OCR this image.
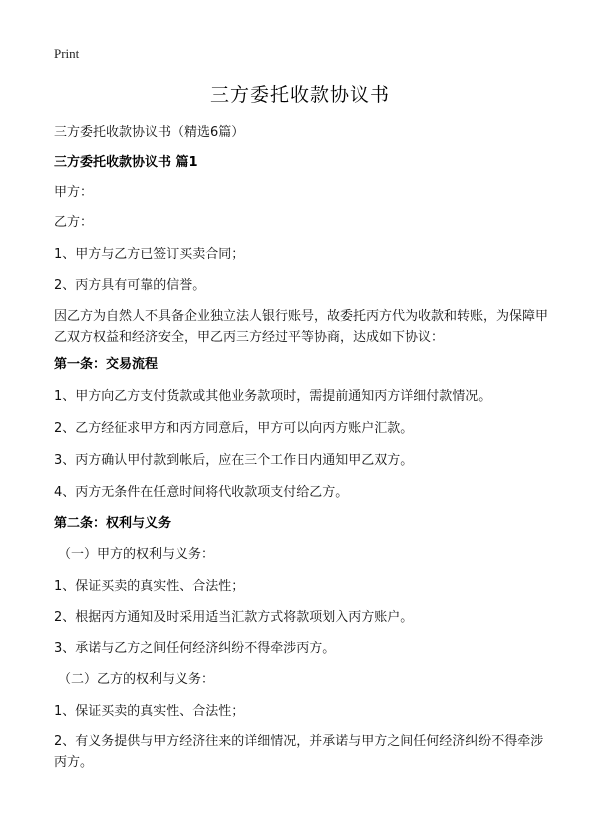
Print
三方委托收款协议书
三方委托收款协议书（精选6篇）
三方委托收款协议书 篇1
甲方：
乙方：
1、甲方与乙方已签订买卖合同；
2、丙方具有可靠的信誉。
因乙方为自然人不具备企业独立法人银行账号，故委托丙方代为收款和转账，为保障甲乙双方权益和经济安全，甲乙丙三方经过平等协商，达成如下协议：
第一条：交易流程
1、甲方向乙方支付货款或其他业务款项时，需提前通知丙方详细付款情况。
2、乙方经征求甲方和丙方同意后，甲方可以向丙方账户汇款。
3、丙方确认甲付款到帐后，应在三个工作日内通知甲乙双方。
4、丙方无条件在任意时间将代收款项支付给乙方。
第二条：权利与义务
（一）甲方的权利与义务：
1、保证买卖的真实性、合法性；
2、根据丙方通知及时采用适当汇款方式将款项划入丙方账户。
3、承诺与乙方之间任何经济纠纷不得牵涉丙方。
（二）乙方的权利与义务：
1、保证买卖的真实性、合法性；
2、有义务提供与甲方经济往来的详细情况，并承诺与甲方之间任何经济纠纷不得牵涉丙方。
